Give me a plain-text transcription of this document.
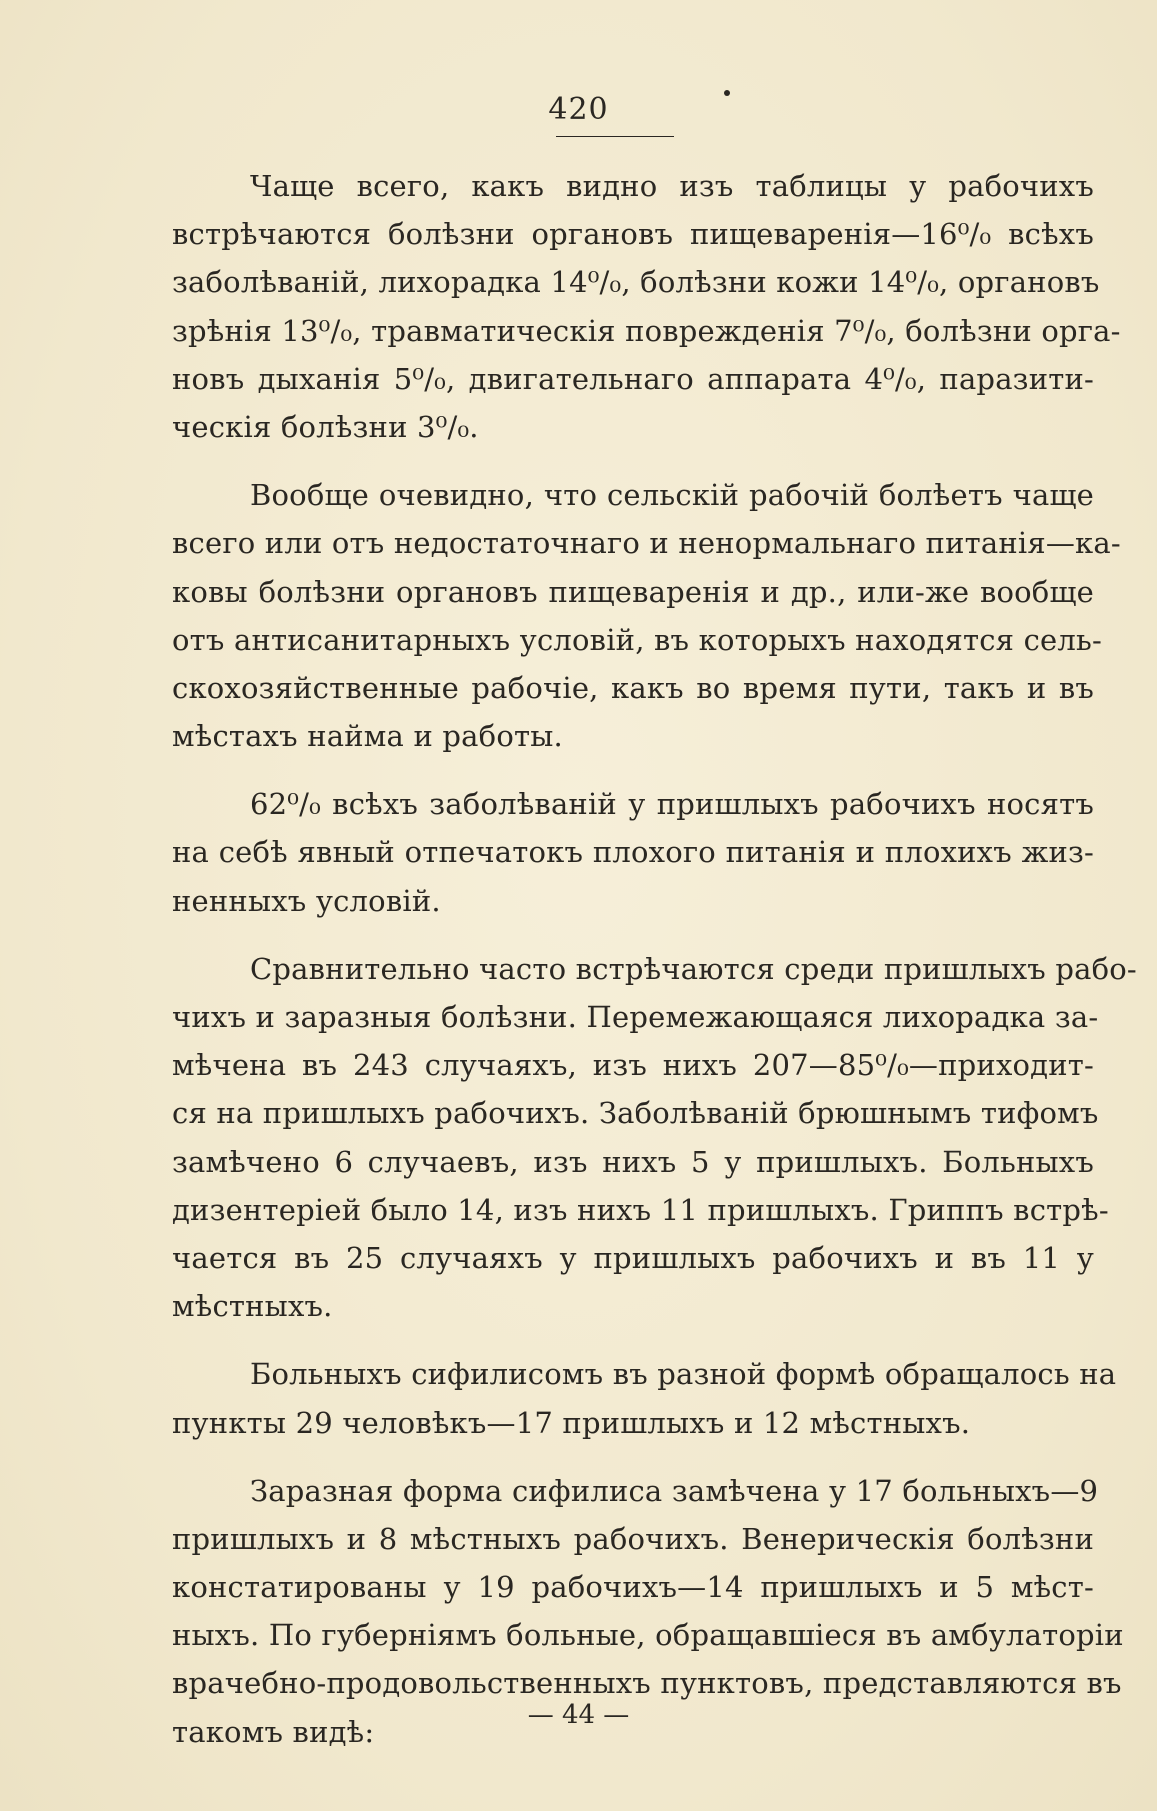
420
Чаще всего, какъ видно изъ таблицы у рабочихъ
встрѣчаются болѣзни органовъ пищеваренія—16⁰/₀ всѣхъ
заболѣваній, лихорадка 14⁰/₀, болѣзни кожи 14⁰/₀, органовъ
зрѣнія 13⁰/₀, травматическія поврежденія 7⁰/₀, болѣзни орга-
новъ дыханія 5⁰/₀, двигательнаго аппарата 4⁰/₀, паразити-
ческія болѣзни 3⁰/₀.
Вообще очевидно, что сельскій рабочій болѣетъ чаще
всего или отъ недостаточнаго и ненормальнаго питанія—ка-
ковы болѣзни органовъ пищеваренія и др., или-же вообще
отъ антисанитарныхъ условій, въ которыхъ находятся сель-
скохозяйственные рабочіе, какъ во время пути, такъ и въ
мѣстахъ найма и работы.
62⁰/₀ всѣхъ заболѣваній у пришлыхъ рабочихъ носятъ
на себѣ явный отпечатокъ плохого питанія и плохихъ жиз-
ненныхъ условій.
Сравнительно часто встрѣчаются среди пришлыхъ рабо-
чихъ и заразныя болѣзни. Перемежающаяся лихорадка за-
мѣчена въ 243 случаяхъ, изъ нихъ 207—85⁰/₀—приходит-
ся на пришлыхъ рабочихъ. Заболѣваній брюшнымъ тифомъ
замѣчено 6 случаевъ, изъ нихъ 5 у пришлыхъ. Больныхъ
дизентеріей было 14, изъ нихъ 11 пришлыхъ. Гриппъ встрѣ-
чается въ 25 случаяхъ у пришлыхъ рабочихъ и въ 11 у
мѣстныхъ.
Больныхъ сифилисомъ въ разной формѣ обращалось на
пункты 29 человѣкъ—17 пришлыхъ и 12 мѣстныхъ.
Заразная форма сифилиса замѣчена у 17 больныхъ—9
пришлыхъ и 8 мѣстныхъ рабочихъ. Венерическія болѣзни
констатированы у 19 рабочихъ—14 пришлыхъ и 5 мѣст-
ныхъ. По губерніямъ больные, обращавшіеся въ амбулаторіи
врачебно-продовольственныхъ пунктовъ, представляются въ
такомъ видѣ:	— 44 —
